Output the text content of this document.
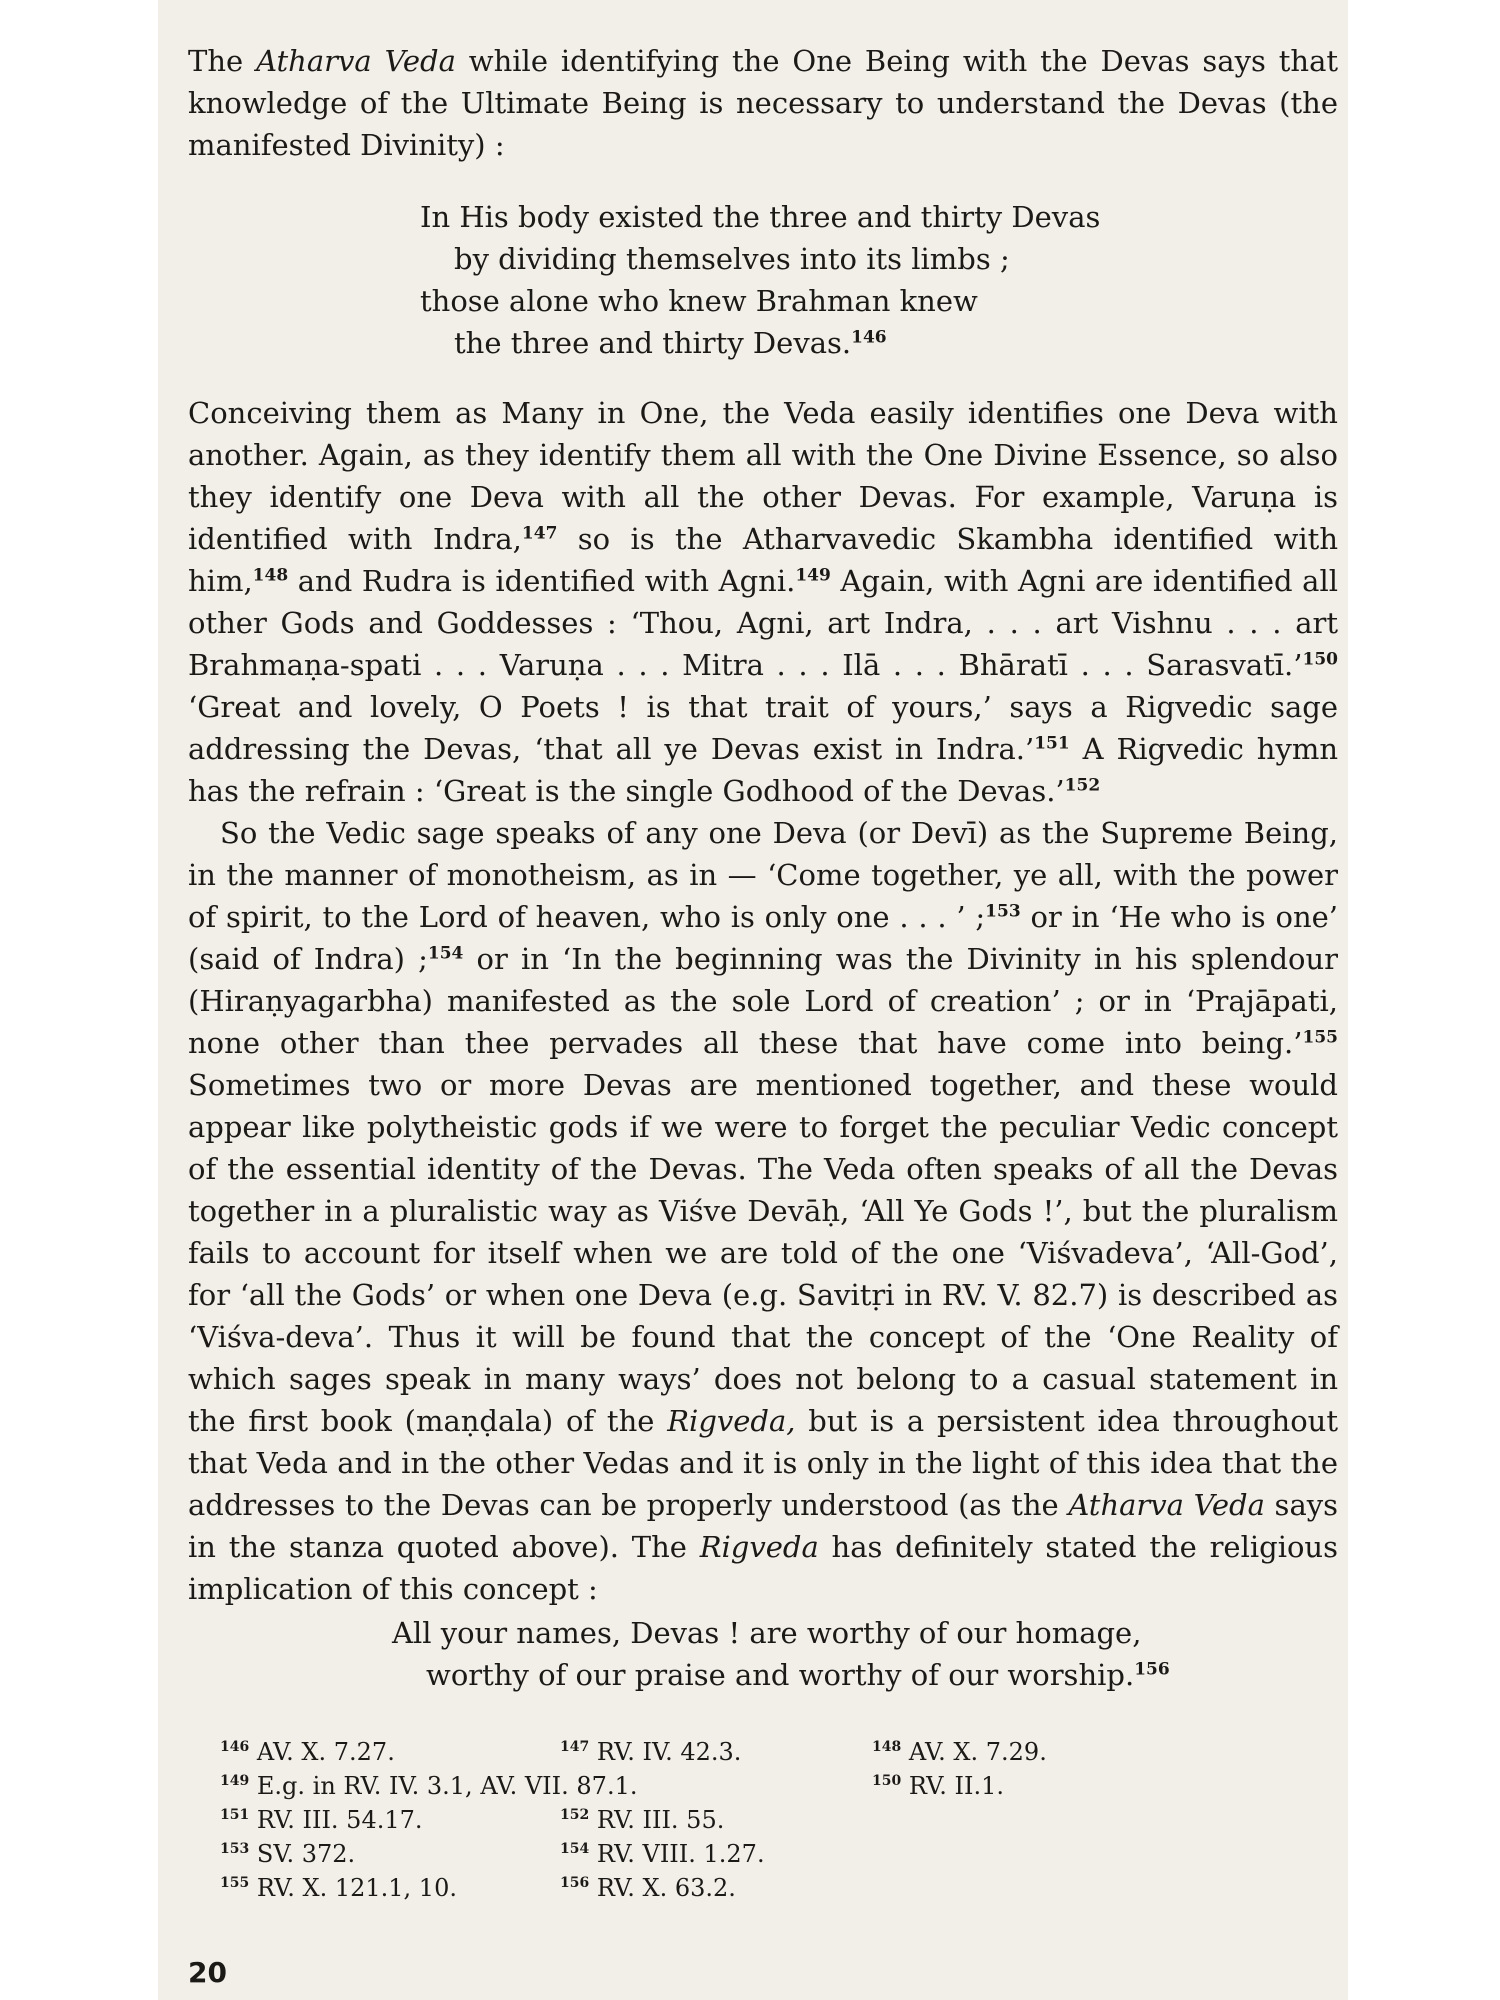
The Atharva Veda while identifying the One Being with the Devas says that knowledge of the Ultimate Being is necessary to understand the Devas (the manifested Divinity) :

In His body existed the three and thirty Devas
by dividing themselves into its limbs ;
those alone who knew Brahman knew
the three and thirty Devas.$^{146}$

Conceiving them as Many in One, the Veda easily identifies one Deva with another. Again, as they identify them all with the One Divine Essence, so also they identify one Deva with all the other Devas. For example, Varuṇa is identified with Indra,$^{147}$ so is the Atharvavedic Skambha identified with him,$^{148}$ and Rudra is identified with Agni.$^{149}$ Again, with Agni are identified all other Gods and Goddesses : ‘Thou, Agni, art Indra, . . . art Vishnu . . . art Brahmaṇa-spati . . . Varuṇa . . . Mitra . . . Ilā . . . Bhāratī . . . Sarasvatī.’$^{150}$ ‘Great and lovely, O Poets ! is that trait of yours,’ says a Rigvedic sage addressing the Devas, ‘that all ye Devas exist in Indra.’$^{151}$ A Rigvedic hymn has the refrain : ‘Great is the single Godhood of the Devas.’$^{152}$

So the Vedic sage speaks of any one Deva (or Devī) as the Supreme Being, in the manner of monotheism, as in — ‘Come together, ye all, with the power of spirit, to the Lord of heaven, who is only one . . . ’ ;$^{153}$ or in ‘He who is one’ (said of Indra) ;$^{154}$ or in ‘In the beginning was the Divinity in his splendour (Hiraṇyagarbha) manifested as the sole Lord of creation’ ; or in ‘Prajāpati, none other than thee pervades all these that have come into being.’$^{155}$ Sometimes two or more Devas are mentioned together, and these would appear like polytheistic gods if we were to forget the peculiar Vedic concept of the essential identity of the Devas. The Veda often speaks of all the Devas together in a pluralistic way as Viśve Devāḥ, ‘All Ye Gods !’, but the pluralism fails to account for itself when we are told of the one ‘Viśvadeva’, ‘All-God’, for ‘all the Gods’ or when one Deva (e.g. Savitṛi in RV. V. 82.7) is described as ‘Viśva-deva’. Thus it will be found that the concept of the ‘One Reality of which sages speak in many ways’ does not belong to a casual statement in the first book (maṇḍala) of the Rigveda, but is a persistent idea throughout that Veda and in the other Vedas and it is only in the light of this idea that the addresses to the Devas can be properly understood (as the Atharva Veda says in the stanza quoted above). The Rigveda has definitely stated the religious implication of this concept :

All your names, Devas ! are worthy of our homage,
worthy of our praise and worthy of our worship.$^{156}$
$^{146}$ AV. X. 7.27.	$^{147}$ RV. IV. 42.3.	$^{148}$ AV. X. 7.29.
$^{149}$ E.g. in RV. IV. 3.1, AV. VII. 87.1.	$^{150}$ RV. II.1.
$^{151}$ RV. III. 54.17.	$^{152}$ RV. III. 55.
$^{153}$ SV. 372.	$^{154}$ RV. VIII. 1.27.
$^{155}$ RV. X. 121.1, 10.	$^{156}$ RV. X. 63.2.
20
